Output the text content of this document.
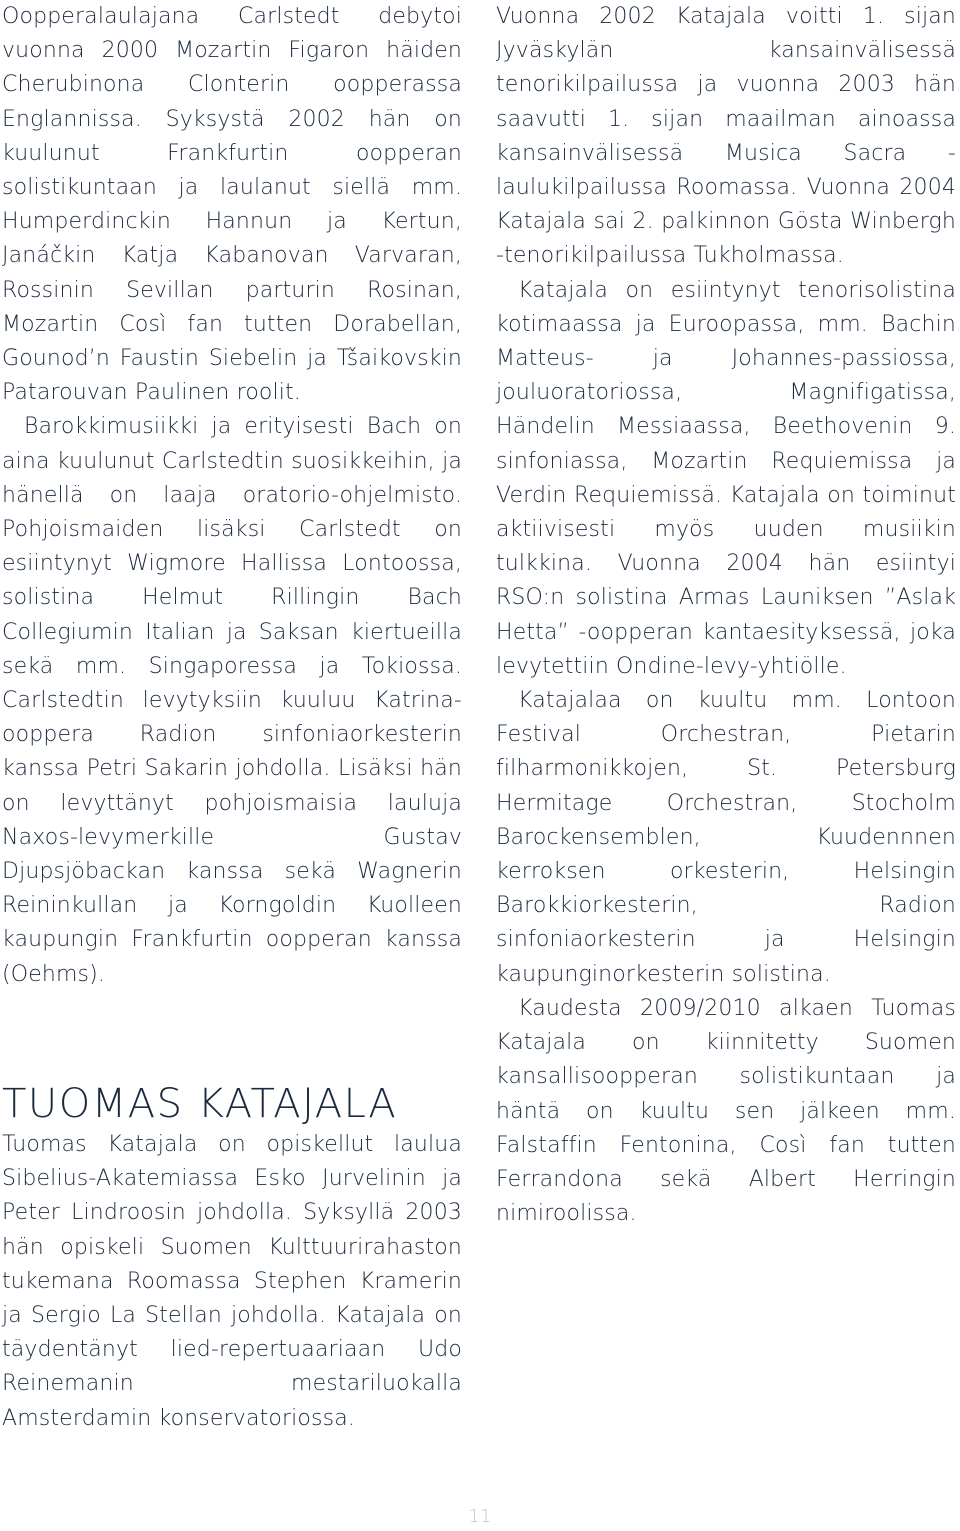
Oopperalaulajana Carlstedt debytoi vuonna 2000 Mozartin Figaron häiden Cherubinona Clonterin oopperassa Englannissa. Syksystä 2002 hän on kuulunut Frankfurtin oopperan solistikuntaan ja laulanut siellä mm. Humperdinckin Hannun ja Kertun, Janáčkin Katja Kabanovan Varvaran, Rossinin Sevillan parturin Rosinan, Mozartin Così fan tutten Dorabellan, Gounod’n Faustin Siebelin ja Tšaikovskin Patarouvan Paulinen roolit.

Barokkimusiikki ja erityisesti Bach on aina kuulunut Carlstedtin suosikkeihin, ja hänellä on laaja oratorio-ohjelmisto. Pohjoismaiden lisäksi Carlstedt on esiintynyt Wigmore Hallissa Lontoossa, solistina Helmut Rillingin Bach Collegiumin Italian ja Saksan kiertueilla sekä mm. Singaporessa ja Tokiossa. Carlstedtin levytyksiin kuuluu Katrina-ooppera Radion sinfoniaorkesterin kanssa Petri Sakarin johdolla. Lisäksi hän on levyttänyt pohjoismaisia lauluja Naxos-levymerkille Gustav Djupsjöbackan kanssa sekä Wagnerin Reininkullan ja Korngoldin Kuolleen kaupungin Frankfurtin oopperan kanssa (Oehms).

TUOMAS KATAJALA

Tuomas Katajala on opiskellut laulua Sibelius-Akatemiassa Esko Jurvelinin ja Peter Lindroosin johdolla. Syksyllä 2003 hän opiskeli Suomen Kulttuurirahaston tukemana Roomassa Stephen Kramerin ja Sergio La Stellan johdolla. Katajala on täydentänyt lied-repertuaariaan Udo Reinemanin mestariluokalla Amsterdamin konservatoriossa.

Vuonna 2002 Katajala voitti 1. sijan Jyväskylän kansainvälisessä tenorikilpailussa ja vuonna 2003 hän saavutti 1. sijan maailman ainoassa kansainvälisessä Musica Sacra -laulukilpailussa Roomassa. Vuonna 2004 Katajala sai 2. palkinnon Gösta Winbergh -tenorikilpailussa Tukholmassa.

Katajala on esiintynyt tenorisolistina kotimaassa ja Euroopassa, mm. Bachin Matteus- ja Johannes-passiossa, jouluoratoriossa, Magnifigatissa, Händelin Messiaassa, Beethovenin 9. sinfoniassa, Mozartin Requiemissa ja Verdin Requiemissä. Katajala on toiminut aktiivisesti myös uuden musiikin tulkkina. Vuonna 2004 hän esiintyi RSO:n solistina Armas Launiksen ”Aslak Hetta” -oopperan kantaesityksessä, joka levytettiin Ondine-levy-yhtiölle.

Katajalaa on kuultu mm. Lontoon Festival Orchestran, Pietarin filharmonikkojen, St. Petersburg Hermitage Orchestran, Stocholm Barockensemblen, Kuudennnen kerroksen orkesterin, Helsingin Barokkiorkesterin, Radion sinfoniaorkesterin ja Helsingin kaupunginorkesterin solistina.

Kaudesta 2009/2010 alkaen Tuomas Katajala on kiinnitetty Suomen kansallisoopperan solistikuntaan ja häntä on kuultu sen jälkeen mm. Falstaffin Fentonina, Così fan tutten Ferrandona sekä Albert Herringin nimiroolissa.

11
